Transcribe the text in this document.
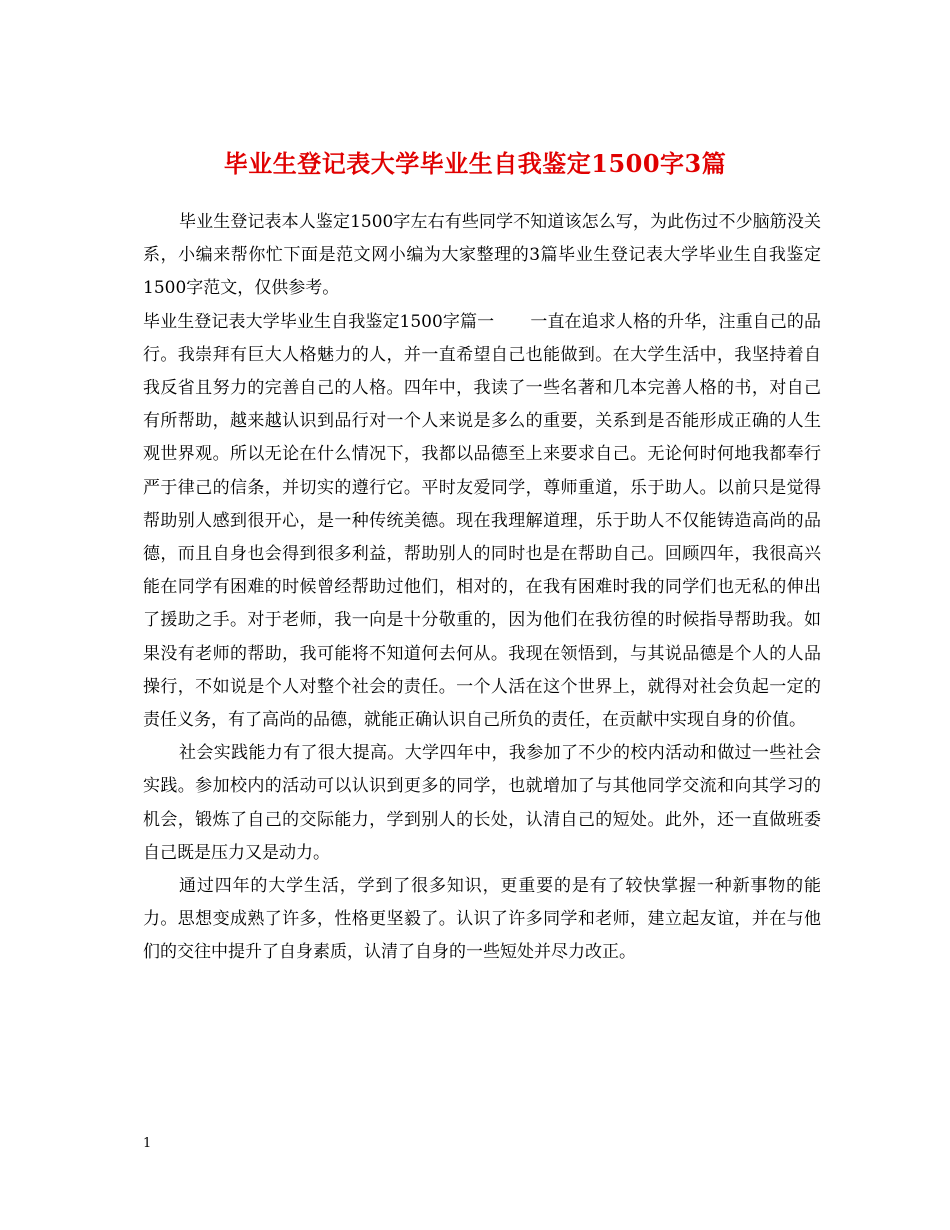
毕业生登记表大学毕业生自我鉴定1500字3篇

毕业生登记表本人鉴定1500字左右有些同学不知道该怎么写，为此伤过不少脑筋没关系，小编来帮你忙下面是范文网小编为大家整理的3篇毕业生登记表大学毕业生自我鉴定1500字范文，仅供参考。

毕业生登记表大学毕业生自我鉴定1500字篇一 一直在追求人格的升华，注重自己的品行。我崇拜有巨大人格魅力的人，并一直希望自己也能做到。在大学生活中，我坚持着自我反省且努力的完善自己的人格。四年中，我读了一些名著和几本完善人格的书，对自己有所帮助，越来越认识到品行对一个人来说是多么的重要，关系到是否能形成正确的人生观世界观。所以无论在什么情况下，我都以品德至上来要求自己。无论何时何地我都奉行严于律己的信条，并切实的遵行它。平时友爱同学，尊师重道，乐于助人。以前只是觉得帮助别人感到很开心，是一种传统美德。现在我理解道理，乐于助人不仅能铸造高尚的品德，而且自身也会得到很多利益，帮助别人的同时也是在帮助自己。回顾四年，我很高兴能在同学有困难的时候曾经帮助过他们，相对的，在我有困难时我的同学们也无私的伸出了援助之手。对于老师，我一向是十分敬重的，因为他们在我彷徨的时候指导帮助我。如果没有老师的帮助，我可能将不知道何去何从。我现在领悟到，与其说品德是个人的人品操行，不如说是个人对整个社会的责任。一个人活在这个世界上，就得对社会负起一定的责任义务，有了高尚的品德，就能正确认识自己所负的责任，在贡献中实现自身的价值。

社会实践能力有了很大提高。大学四年中，我参加了不少的校内活动和做过一些社会实践。参加校内的活动可以认识到更多的同学，也就增加了与其他同学交流和向其学习的机会，锻炼了自己的交际能力，学到别人的长处，认清自己的短处。此外，还一直做班委自己既是压力又是动力。

通过四年的大学生活，学到了很多知识，更重要的是有了较快掌握一种新事物的能力。思想变成熟了许多，性格更坚毅了。认识了许多同学和老师，建立起友谊，并在与他们的交往中提升了自身素质，认清了自身的一些短处并尽力改正。

1
